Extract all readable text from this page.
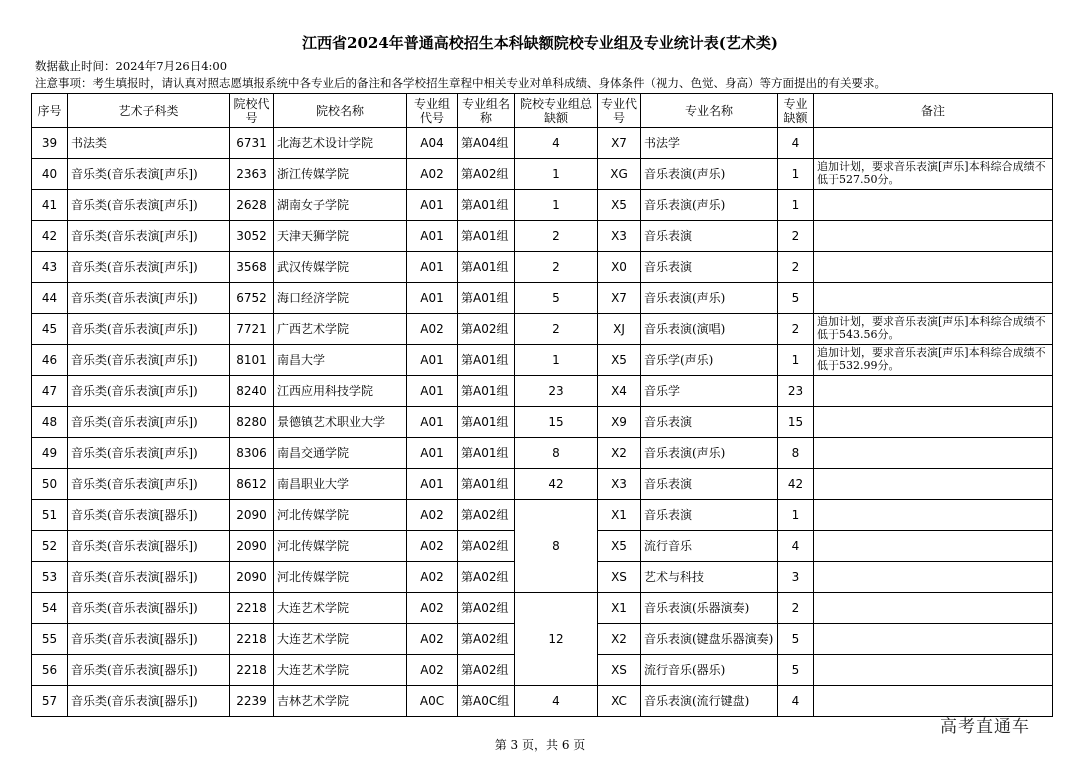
江西省2024年普通高校招生本科缺额院校专业组及专业统计表(艺术类)
数据截止时间：2024年7月26日4:00
注意事项：考生填报时，请认真对照志愿填报系统中各专业后的备注和各学校招生章程中相关专业对单科成绩、身体条件（视力、色觉、身高）等方面提出的有关要求。
序号	艺术子科类	院校代号	院校名称	专业组代号	专业组名称	院校专业组总缺额	专业代号	专业名称	专业缺额	备注
39	书法类	6731	北海艺术设计学院	A04	第A04组	4	X7	书法学	4	
40	音乐类(音乐表演[声乐])	2363	浙江传媒学院	A02	第A02组	1	XG	音乐表演(声乐)	1	追加计划，要求音乐表演[声乐]本科综合成绩不低于527.50分。
41	音乐类(音乐表演[声乐])	2628	湖南女子学院	A01	第A01组	1	X5	音乐表演(声乐)	1	
42	音乐类(音乐表演[声乐])	3052	天津天狮学院	A01	第A01组	2	X3	音乐表演	2	
43	音乐类(音乐表演[声乐])	3568	武汉传媒学院	A01	第A01组	2	X0	音乐表演	2	
44	音乐类(音乐表演[声乐])	6752	海口经济学院	A01	第A01组	5	X7	音乐表演(声乐)	5	
45	音乐类(音乐表演[声乐])	7721	广西艺术学院	A02	第A02组	2	XJ	音乐表演(演唱)	2	追加计划，要求音乐表演[声乐]本科综合成绩不低于543.56分。
46	音乐类(音乐表演[声乐])	8101	南昌大学	A01	第A01组	1	X5	音乐学(声乐)	1	追加计划，要求音乐表演[声乐]本科综合成绩不低于532.99分。
47	音乐类(音乐表演[声乐])	8240	江西应用科技学院	A01	第A01组	23	X4	音乐学	23	
48	音乐类(音乐表演[声乐])	8280	景德镇艺术职业大学	A01	第A01组	15	X9	音乐表演	15	
49	音乐类(音乐表演[声乐])	8306	南昌交通学院	A01	第A01组	8	X2	音乐表演(声乐)	8	
50	音乐类(音乐表演[声乐])	8612	南昌职业大学	A01	第A01组	42	X3	音乐表演	42	
51	音乐类(音乐表演[器乐])	2090	河北传媒学院	A02	第A02组	8	X1	音乐表演	1	
52	音乐类(音乐表演[器乐])	2090	河北传媒学院	A02	第A02组		X5	流行音乐	4	
53	音乐类(音乐表演[器乐])	2090	河北传媒学院	A02	第A02组		XS	艺术与科技	3	
54	音乐类(音乐表演[器乐])	2218	大连艺术学院	A02	第A02组	12	X1	音乐表演(乐器演奏)	2	
55	音乐类(音乐表演[器乐])	2218	大连艺术学院	A02	第A02组		X2	音乐表演(键盘乐器演奏)	5	
56	音乐类(音乐表演[器乐])	2218	大连艺术学院	A02	第A02组		XS	流行音乐(器乐)	5	
57	音乐类(音乐表演[器乐])	2239	吉林艺术学院	A0C	第A0C组	4	XC	音乐表演(流行键盘)	4	
第 3 页，共 6 页
高考直通车
